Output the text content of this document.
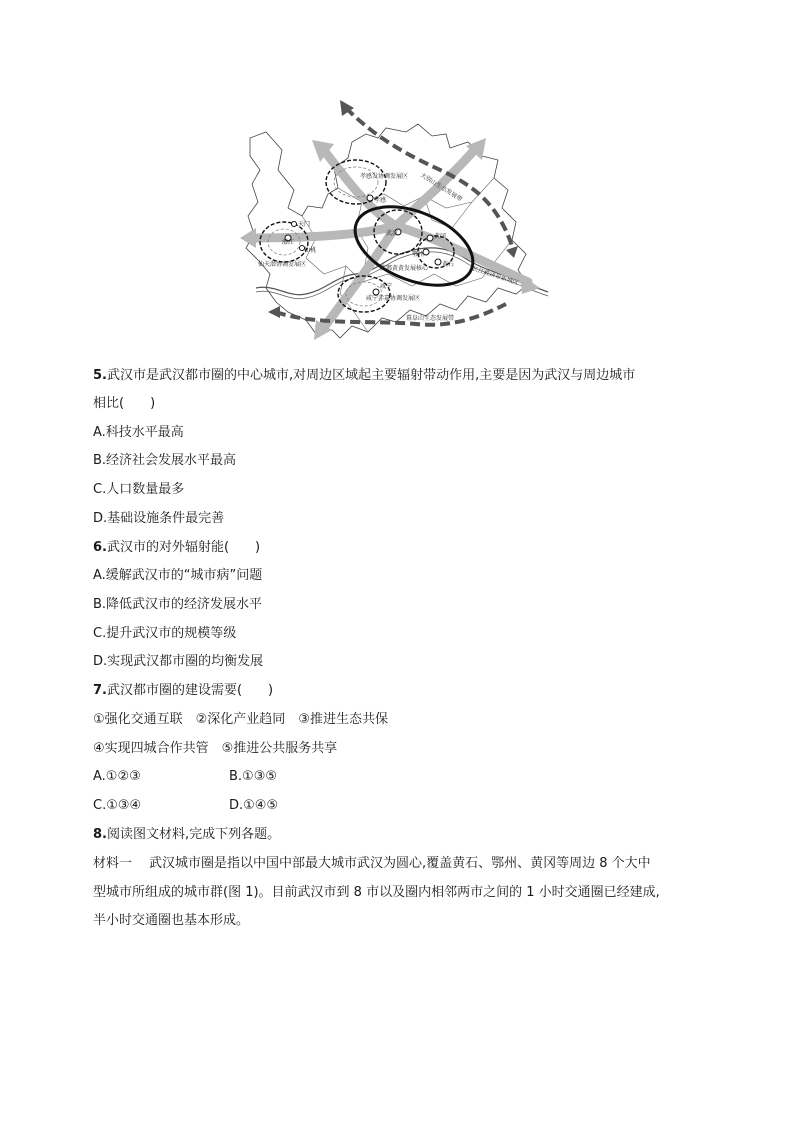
孝感发协调发展区
孝感
天门
潜江
仙桃
仙天潜协调发展区
武汉	黄冈
鄂州
黄石
武鄂黄黄发展核心
大别山生态发展带
长江经济带新城区
咸宁
咸宁赤嘉协调发展区
幕阜山生态发展带
5.武汉市是武汉都市圈的中心城市,对周边区域起主要辐射带动作用,主要是因为武汉与周边城市
相比(　　)
A.科技水平最高
B.经济社会发展水平最高
C.人口数量最多
D.基础设施条件最完善
6.武汉市的对外辐射能(　　)
A.缓解武汉市的“城市病”问题
B.降低武汉市的经济发展水平
C.提升武汉市的规模等级
D.实现武汉都市圈的均衡发展
7.武汉都市圈的建设需要(　　)
①强化交通互联　②深化产业趋同　③推进生态共保
④实现四城合作共管　⑤推进公共服务共享
A.①②③	B.①③⑤
C.①③④	D.①④⑤
8.阅读图文材料,完成下列各题。
材料一 武汉城市圈是指以中国中部最大城市武汉为圆心,覆盖黄石、鄂州、黄冈等周边 8 个大中
型城市所组成的城市群(图 1)。目前武汉市到 8 市以及圈内相邻两市之间的 1 小时交通圈已经建成,
半小时交通圈也基本形成。
